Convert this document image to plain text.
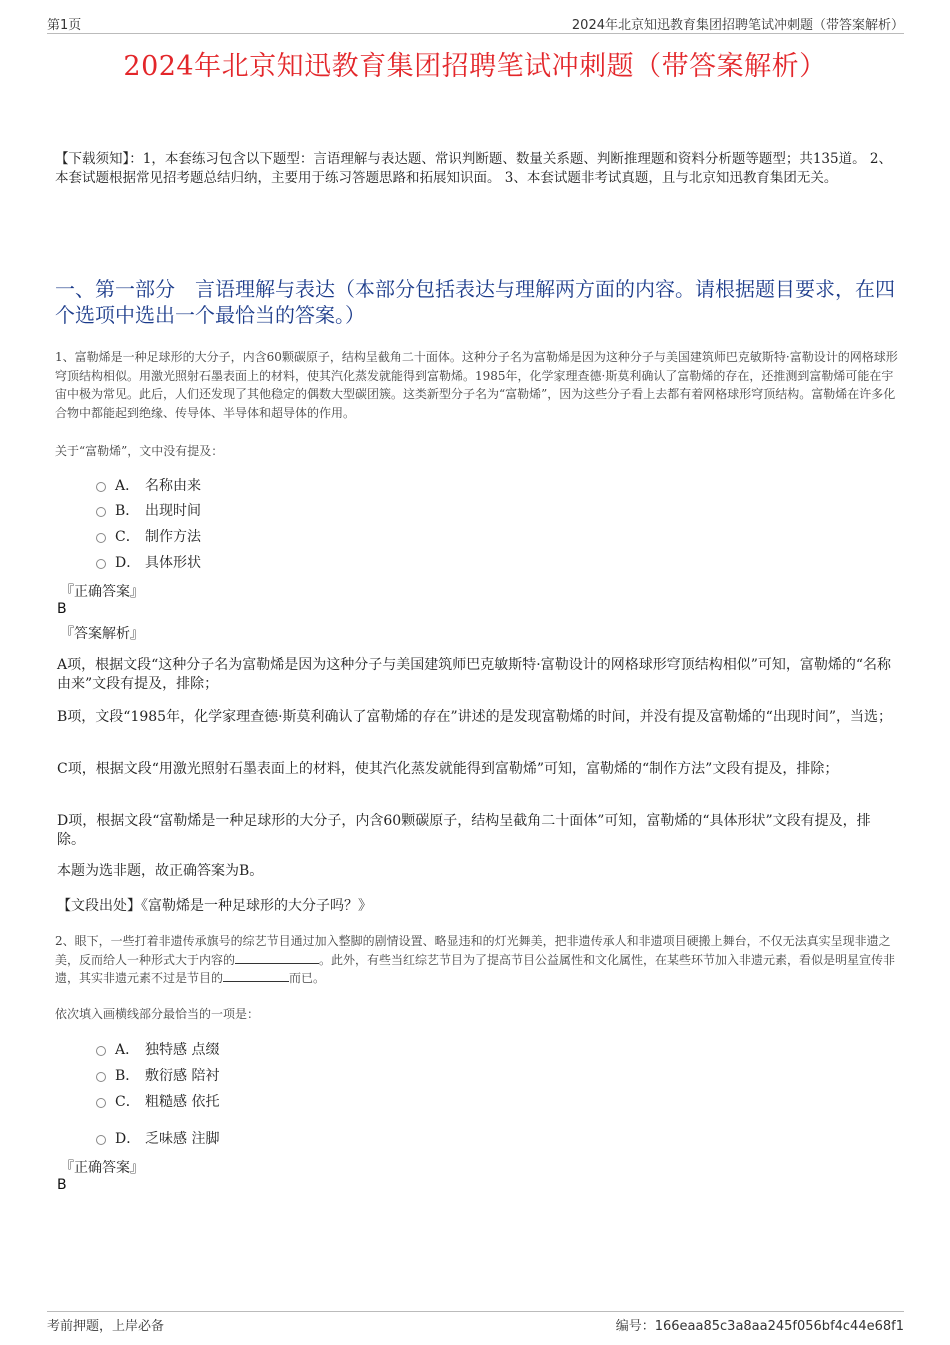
第1页	2024年北京知迅教育集团招聘笔试冲刺题（带答案解析）
2024年北京知迅教育集团招聘笔试冲刺题（带答案解析）
【下载须知】：1，本套练习包含以下题型：言语理解与表达题、常识判断题、数量关系题、判断推理题和资料分析题等题型；共135道。 2、本套试题根据常见招考题总结归纳，主要用于练习答题思路和拓展知识面。 3、本套试题非考试真题，且与北京知迅教育集团无关。
一、第一部分　言语理解与表达（本部分包括表达与理解两方面的内容。请根据题目要求，在四个选项中选出一个最恰当的答案。）
1、富勒烯是一种足球形的大分子，内含60颗碳原子，结构呈截角二十面体。这种分子名为富勒烯是因为这种分子与美国建筑师巴克敏斯特·富勒设计的网格球形穹顶结构相似。用激光照射石墨表面上的材料，使其汽化蒸发就能得到富勒烯。1985年，化学家理查德·斯莫利确认了富勒烯的存在，还推测到富勒烯可能在宇宙中极为常见。此后，人们还发现了其他稳定的偶数大型碳团簇。这类新型分子名为“富勒烯”，因为这些分子看上去都有着网格球形穹顶结构。富勒烯在许多化合物中都能起到绝缘、传导体、半导体和超导体的作用。
关于“富勒烯”，文中没有提及：
A． 名称由来
B． 出现时间
C． 制作方法
D． 具体形状
『正确答案』
B
『答案解析』
A项，根据文段“这种分子名为富勒烯是因为这种分子与美国建筑师巴克敏斯特·富勒设计的网格球形穹顶结构相似”可知，富勒烯的“名称由来”文段有提及，排除；
B项，文段“1985年，化学家理查德·斯莫利确认了富勒烯的存在”讲述的是发现富勒烯的时间，并没有提及富勒烯的“出现时间”，当选；
C项，根据文段“用激光照射石墨表面上的材料，使其汽化蒸发就能得到富勒烯”可知，富勒烯的“制作方法”文段有提及，排除；
D项，根据文段“富勒烯是一种足球形的大分子，内含60颗碳原子，结构呈截角二十面体”可知，富勒烯的“具体形状”文段有提及，排除。
本题为选非题，故正确答案为B。
【文段出处】《富勒烯是一种足球形的大分子吗？》
2、眼下，一些打着非遗传承旗号的综艺节目通过加入整脚的剧情设置、略显违和的灯光舞美，把非遗传承人和非遗项目硬搬上舞台，不仅无法真实呈现非遗之美，反而给人一种形式大于内容的	。此外，有些当红综艺节目为了提高节目公益属性和文化属性，在某些环节加入非遗元素，看似是明星宣传非遗，其实非遗元素不过是节目的	而已。
依次填入画横线部分最恰当的一项是：
A． 独特感 点缀
B． 敷衍感 陪衬
C． 粗糙感 依托
D． 乏味感 注脚
『正确答案』
B
考前押题，上岸必备	编号：166eaa85c3a8aa245f056bf4c44e68f1
